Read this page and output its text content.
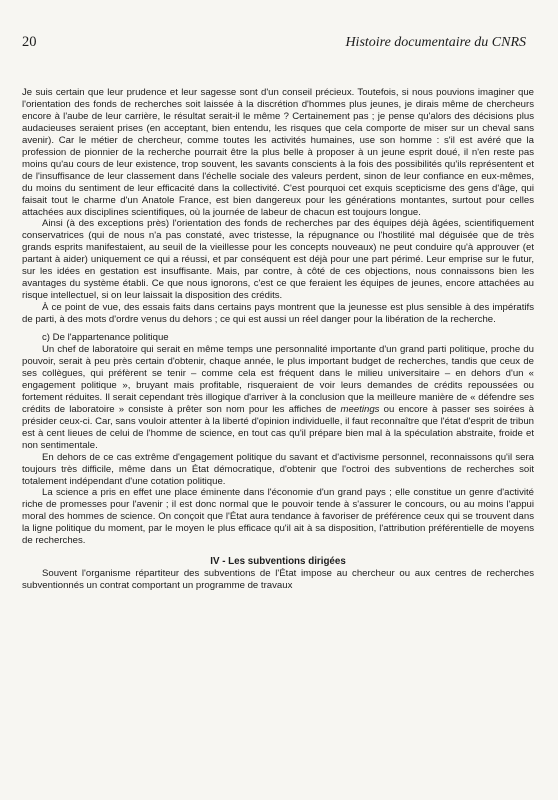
20	Histoire documentaire du CNRS

Je suis certain que leur prudence et leur sagesse sont d'un conseil précieux. Toutefois, si nous pouvions imaginer que l'orientation des fonds de recherches soit laissée à la discrétion d'hommes plus jeunes, je dirais même de chercheurs encore à l'aube de leur carrière, le résultat serait-il le même ? Certainement pas ; je pense qu'alors des décisions plus audacieuses seraient prises (en acceptant, bien entendu, les risques que cela comporte de miser sur un cheval sans avenir). Car le métier de chercheur, comme toutes les activités humaines, use son homme : s'il est avéré que la profession de pionnier de la recherche pourrait être la plus belle à proposer à un jeune esprit doué, il n'en reste pas moins qu'au cours de leur existence, trop souvent, les savants conscients à la fois des possibilités qu'ils représentent et de l'insuffisance de leur classement dans l'échelle sociale des valeurs perdent, sinon de leur confiance en eux-mêmes, du moins du sentiment de leur efficacité dans la collectivité. C'est pourquoi cet exquis scepticisme des gens d'âge, qui faisait tout le charme d'un Anatole France, est bien dangereux pour les générations montantes, surtout pour celles attachées aux disciplines scientifiques, où la journée de labeur de chacun est toujours longue.

Ainsi (à des exceptions près) l'orientation des fonds de recherches par des équipes déjà âgées, scientifiquement conservatrices (qui de nous n'a pas constaté, avec tristesse, la répugnance ou l'hostilité mal déguisée que de très grands esprits manifestaient, au seuil de la vieillesse pour les concepts nouveaux) ne peut conduire qu'à approuver (et partant à aider) uniquement ce qui a réussi, et par conséquent est déjà pour une part périmé. Leur emprise sur le futur, sur les idées en gestation est insuffisante. Mais, par contre, à côté de ces objections, nous connaissons bien les avantages du système établi. Ce que nous ignorons, c'est ce que feraient les équipes de jeunes, encore attachées au risque intellectuel, si on leur laissait la disposition des crédits.

À ce point de vue, des essais faits dans certains pays montrent que la jeunesse est plus sensible à des impératifs de parti, à des mots d'ordre venus du dehors ; ce qui est aussi un réel danger pour la libération de la recherche.

c) De l'appartenance politique

Un chef de laboratoire qui serait en même temps une personnalité importante d'un grand parti politique, proche du pouvoir, serait à peu près certain d'obtenir, chaque année, le plus important budget de recherches, tandis que ceux de ses collègues, qui préfèrent se tenir – comme cela est fréquent dans le milieu universitaire – en dehors d'un « engagement politique », bruyant mais profitable, risqueraient de voir leurs demandes de crédits repoussées ou fortement réduites. Il serait cependant très illogique d'arriver à la conclusion que la meilleure manière de « défendre ses crédits de laboratoire » consiste à prêter son nom pour les affiches de meetings ou encore à passer ses soirées à présider ceux-ci. Car, sans vouloir attenter à la liberté d'opinion individuelle, il faut reconnaître que l'état d'esprit de tribun est à cent lieues de celui de l'homme de science, en tout cas qu'il prépare bien mal à la spéculation abstraite, froide et non sentimentale.

En dehors de ce cas extrême d'engagement politique du savant et d'activisme personnel, reconnaissons qu'il sera toujours très difficile, même dans un État démocratique, d'obtenir que l'octroi des subventions de recherches soit totalement indépendant d'une cotation politique.

La science a pris en effet une place éminente dans l'économie d'un grand pays ; elle constitue un genre d'activité riche de promesses pour l'avenir ; il est donc normal que le pouvoir tende à s'assurer le concours, ou au moins l'appui moral des hommes de science. On conçoit que l'État aura tendance à favoriser de préférence ceux qui se trouvent dans la ligne politique du moment, par le moyen le plus efficace qu'il ait à sa disposition, l'attribution préférentielle de moyens de recherches.

IV - Les subventions dirigées

Souvent l'organisme répartiteur des subventions de l'État impose au chercheur ou aux centres de recherches subventionnés un contrat comportant un programme de travaux
